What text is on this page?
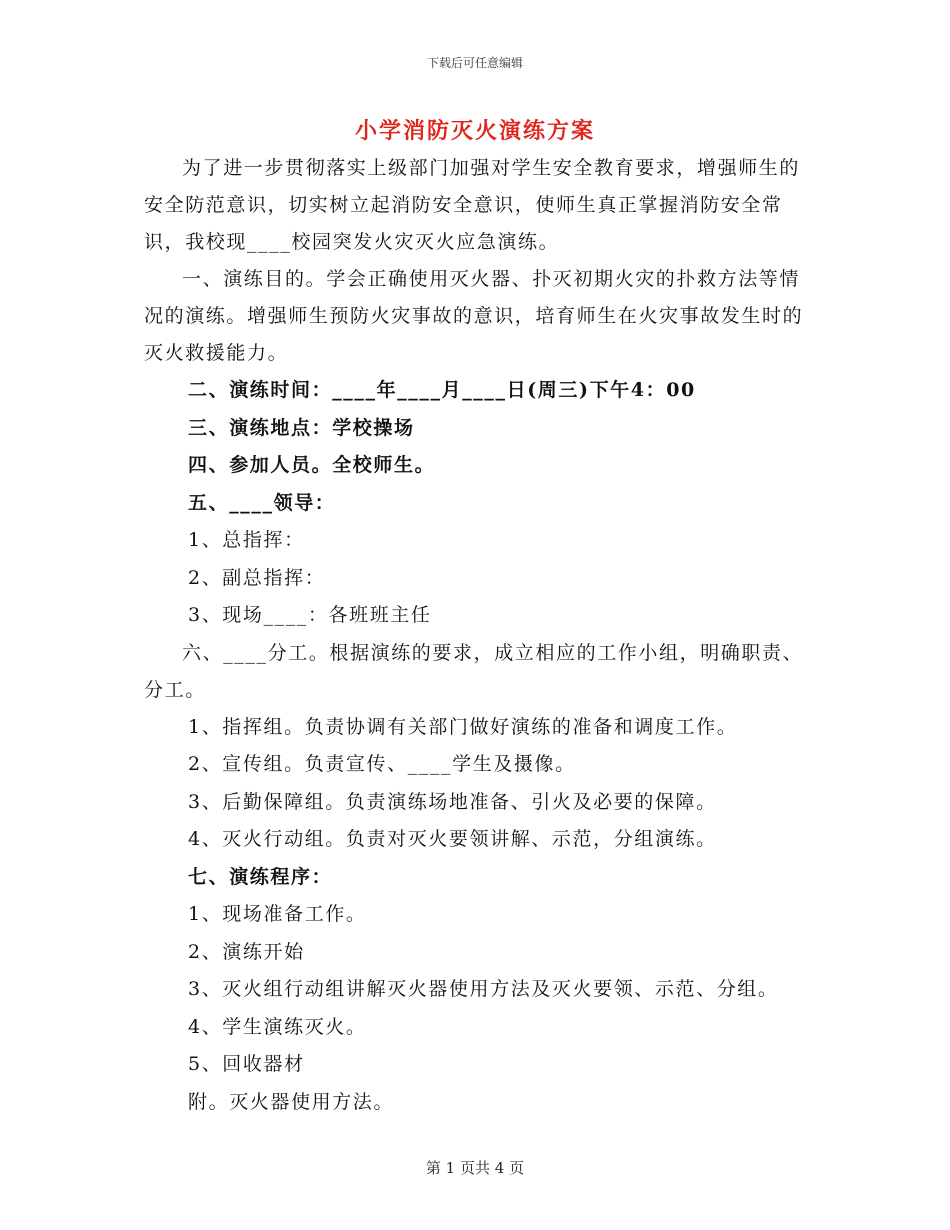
下载后可任意编辑
小学消防灭火演练方案

为了进一步贯彻落实上级部门加强对学生安全教育要求，增强师生的安全防范意识，切实树立起消防安全意识，使师生真正掌握消防安全常识，我校现____校园突发火灾灭火应急演练。

一、演练目的。学会正确使用灭火器、扑灭初期火灾的扑救方法等情况的演练。增强师生预防火灾事故的意识，培育师生在火灾事故发生时的灭火救援能力。

二、演练时间：____年____月____日(周三)下午4：00

三、演练地点：学校操场

四、参加人员。全校师生。

五、____领导：

1、总指挥：

2、副总指挥：

3、现场____：各班班主任

六、____分工。根据演练的要求，成立相应的工作小组，明确职责、分工。

1、指挥组。负责协调有关部门做好演练的准备和调度工作。

2、宣传组。负责宣传、____学生及摄像。

3、后勤保障组。负责演练场地准备、引火及必要的保障。

4、灭火行动组。负责对灭火要领讲解、示范，分组演练。

七、演练程序：

1、现场准备工作。

2、演练开始

3、灭火组行动组讲解灭火器使用方法及灭火要领、示范、分组。

4、学生演练灭火。

5、回收器材

附。灭火器使用方法。

第 1 页共 4 页
